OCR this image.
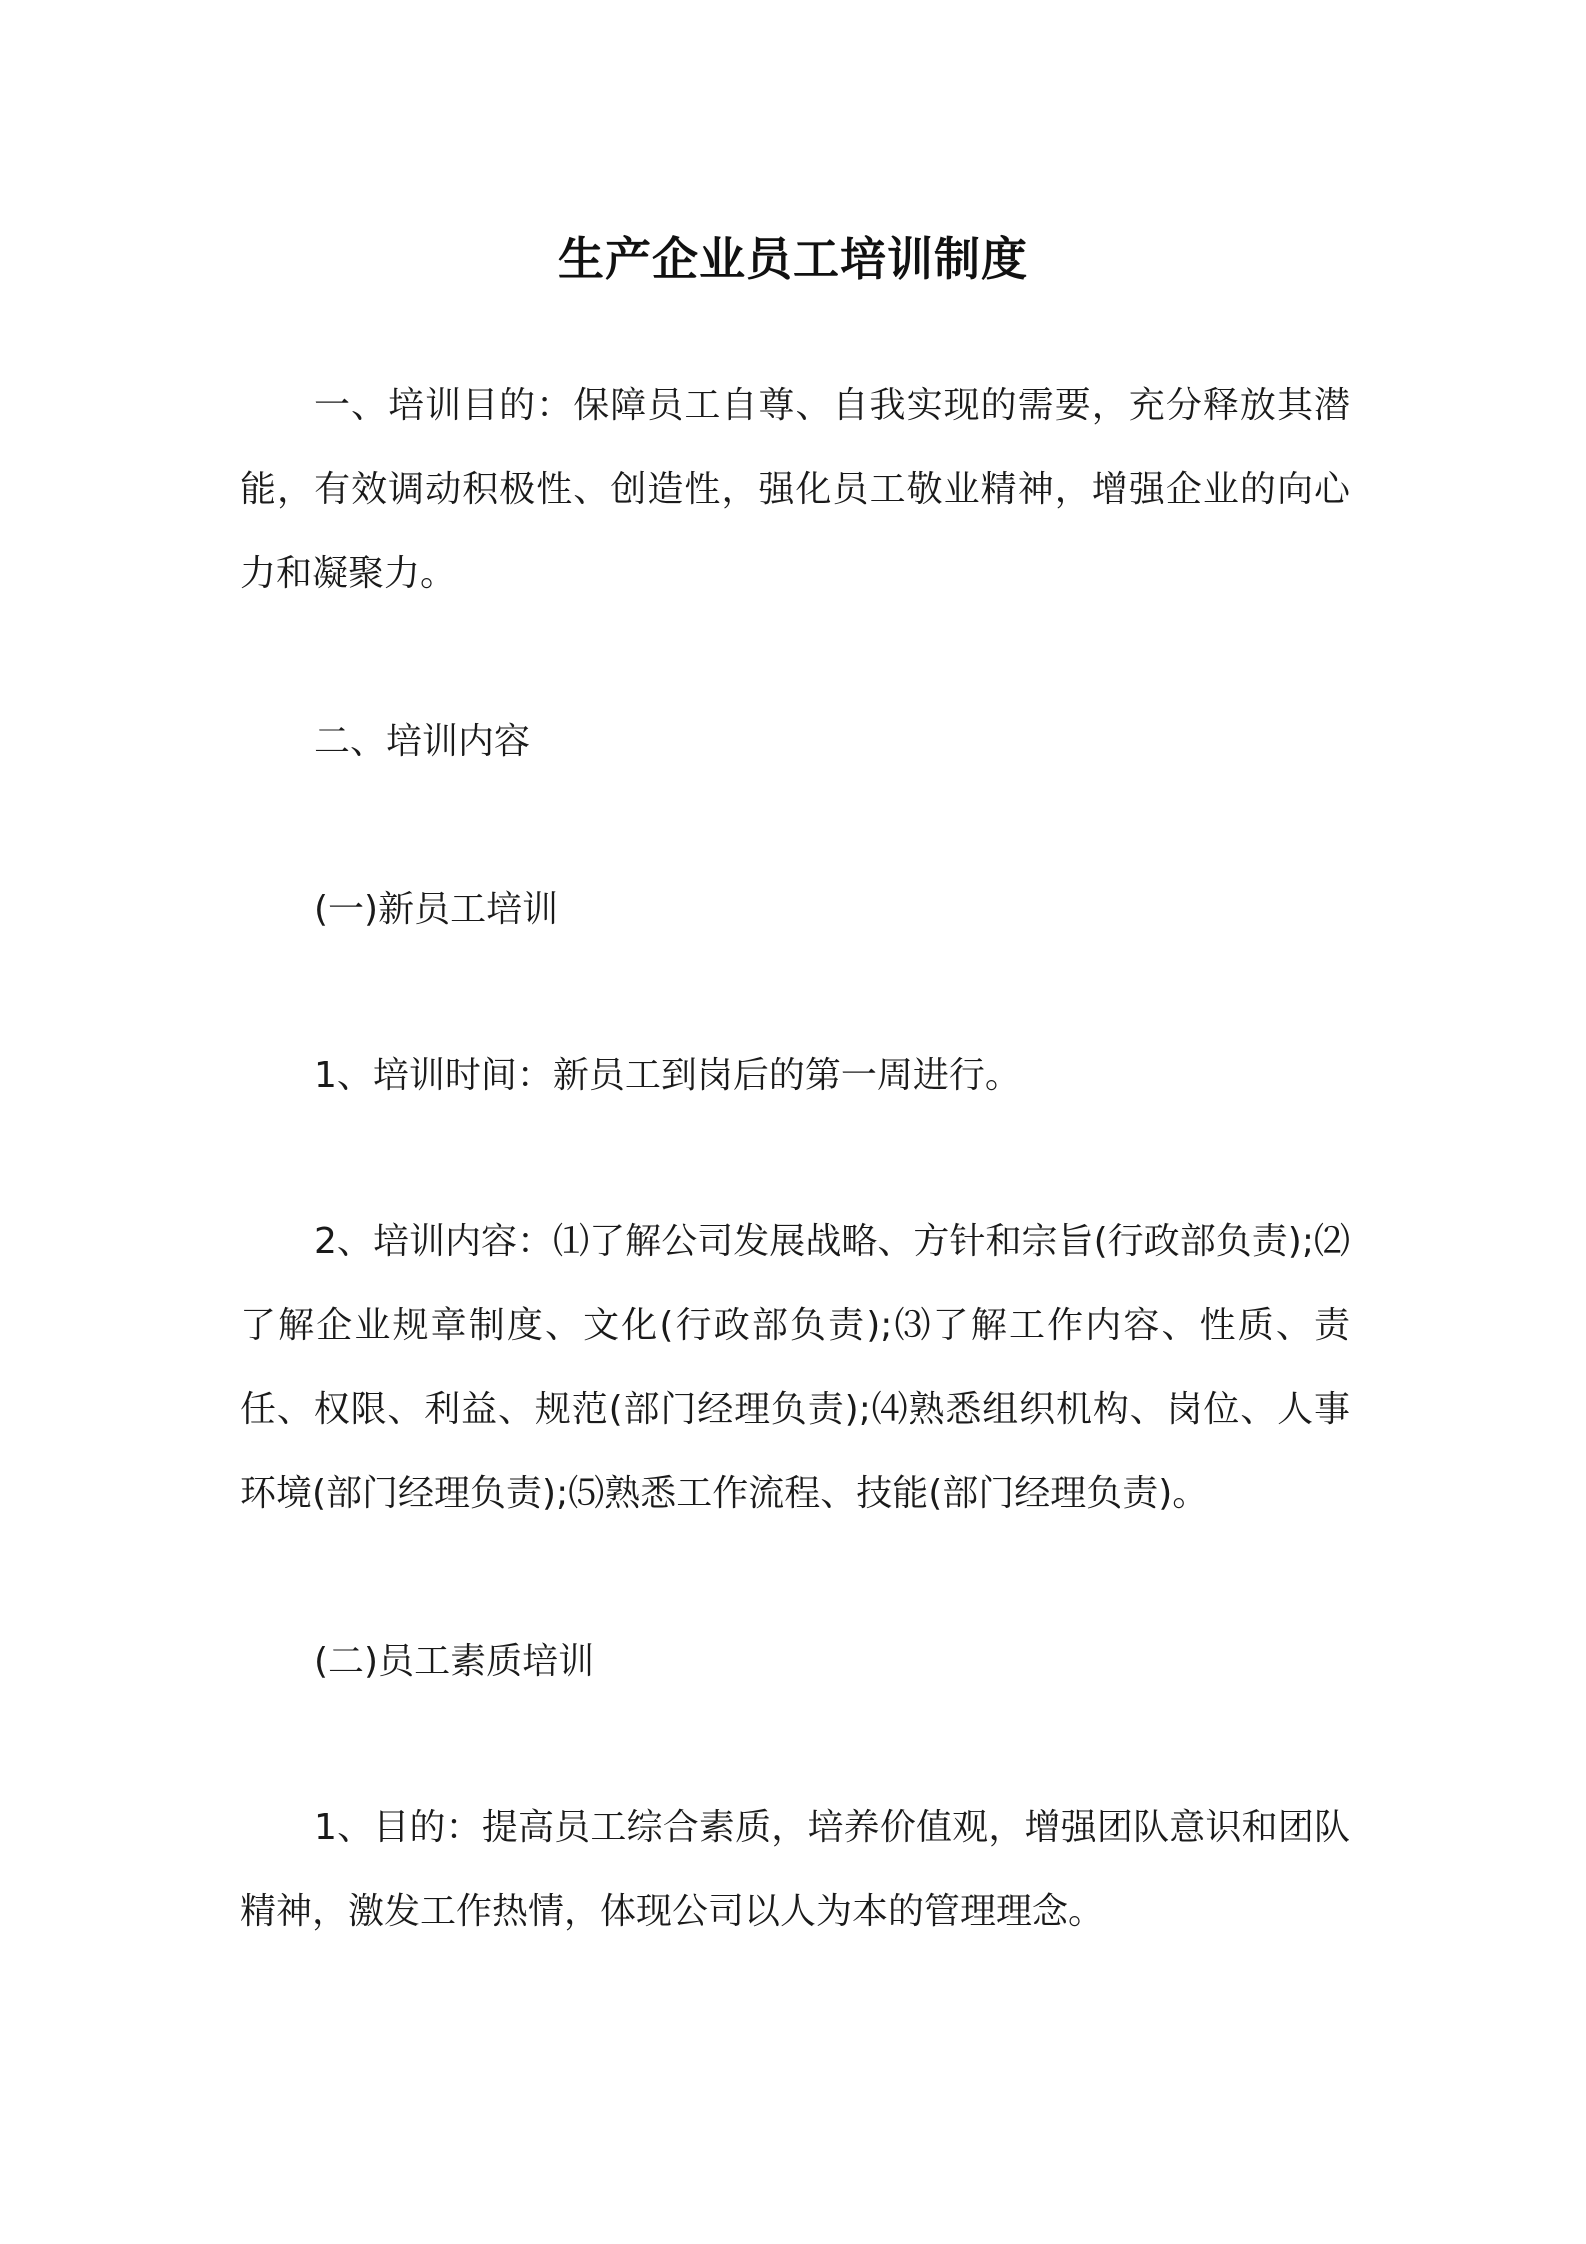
生产企业员工培训制度

一、培训目的：保障员工自尊、自我实现的需要，充分释放其潜能，有效调动积极性、创造性，强化员工敬业精神，增强企业的向心力和凝聚力。

二、培训内容

(一)新员工培训

1、培训时间：新员工到岗后的第一周进行。

2、培训内容：⑴了解公司发展战略、方针和宗旨(行政部负责);⑵了解企业规章制度、文化(行政部负责);⑶了解工作内容、性质、责任、权限、利益、规范(部门经理负责);⑷熟悉组织机构、岗位、人事环境(部门经理负责);⑸熟悉工作流程、技能(部门经理负责)。

(二)员工素质培训

1、目的：提高员工综合素质，培养价值观，增强团队意识和团队精神，激发工作热情，体现公司以人为本的管理理念。
